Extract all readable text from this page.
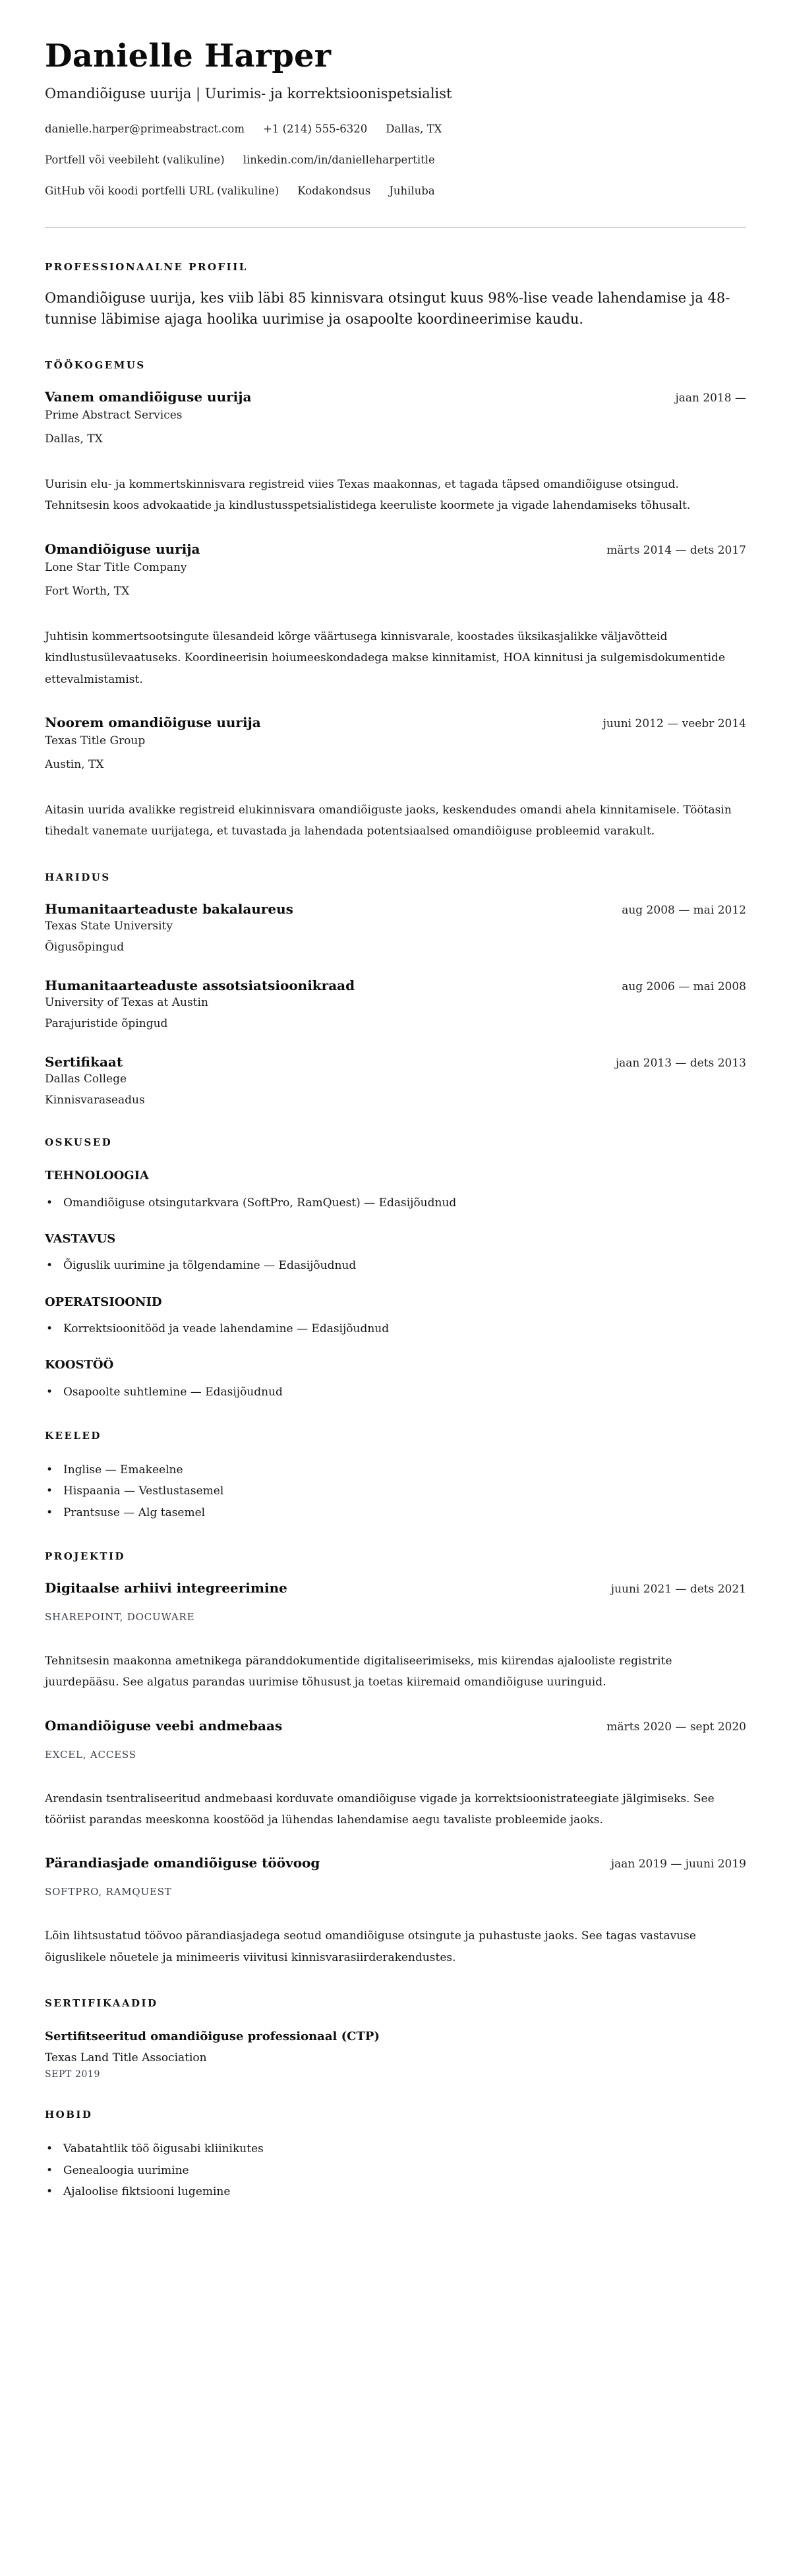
Danielle Harper
Omandiõiguse uurija | Uurimis- ja korrektsioonispetsialist
danielle.harper@primeabstract.com +1 (214) 555-6320 Dallas, TX
Portfell või veebileht (valikuline) linkedin.com/in/danielleharpertitle
GitHub või koodi portfelli URL (valikuline) Kodakondsus Juhiluba
PROFESSIONAALNE PROFIIL

Omandiõiguse uurija, kes viib läbi 85 kinnisvara otsingut kuus 98%-lise veade lahendamise ja 48-tunnise läbimise ajaga hoolika uurimise ja osapoolte koordineerimise kaudu.

TÖÖKOGEMUS
Vanem omandiõiguse uurija	jaan 2018 —
Prime Abstract Services
Dallas, TX

Uurisin elu- ja kommertskinnisvara registreid viies Texas maakonnas, et tagada täpsed omandiõiguse otsingud. Tehnitsesin koos advokaatide ja kindlustusspetsialistidega keeruliste koormete ja vigade lahendamiseks tõhusalt.

Omandiõiguse uurija	märts 2014 — dets 2017
Lone Star Title Company
Fort Worth, TX

Juhtisin kommertsootsingute ülesandeid kõrge väärtusega kinnisvarale, koostades üksikasjalikke väljavõtteid kindlustusülevaatuseks. Koordineerisin hoiumeeskondadega makse kinnitamist, HOA kinnitusi ja sulgemisdokumentide ettevalmistamist.

Noorem omandiõiguse uurija	juuni 2012 — veebr 2014
Texas Title Group
Austin, TX

Aitasin uurida avalikke registreid elukinnisvara omandiõiguste jaoks, keskendudes omandi ahela kinnitamisele. Töötasin tihedalt vanemate uurijatega, et tuvastada ja lahendada potentsiaalsed omandiõiguse probleemid varakult.

HARIDUS
Humanitaarteaduste bakalaureus	aug 2008 — mai 2012
Texas State University
Õigusõpingud
Humanitaarteaduste assotsiatsioonikraad	aug 2006 — mai 2008
University of Texas at Austin
Parajuristide õpingud
Sertifikaat	jaan 2013 — dets 2013
Dallas College
Kinnisvaraseadus
OSKUSED
TEHNOLOOGIA
• Omandiõiguse otsingutarkvara (SoftPro, RamQuest) — Edasijõudnud
VASTAVUS
• Õiguslik uurimine ja tõlgendamine — Edasijõudnud
OPERATSIOONID
• Korrektsioonitööd ja veade lahendamine — Edasijõudnud
KOOSTÖÖ
• Osapoolte suhtlemine — Edasijõudnud
KEELED
• Inglise — Emakeelne
• Hispaania — Vestlustasemel
• Prantsuse — Alg tasemel
PROJEKTID
Digitaalse arhiivi integreerimine	juuni 2021 — dets 2021
SHAREPOINT, DOCUWARE

Tehnitsesin maakonna ametnikega päranddokumentide digitaliseerimiseks, mis kiirendas ajalooliste registrite juurdepääsu. See algatus parandas uurimise tõhusust ja toetas kiiremaid omandiõiguse uuringuid.

Omandiõiguse veebi andmebaas	märts 2020 — sept 2020
EXCEL, ACCESS

Arendasin tsentraliseeritud andmebaasi korduvate omandiõiguse vigade ja korrektsioonistrateegiate jälgimiseks. See tööriist parandas meeskonna koostööd ja lühendas lahendamise aegu tavaliste probleemide jaoks.

Pärandiasjade omandiõiguse töövoog	jaan 2019 — juuni 2019
SOFTPRO, RAMQUEST

Lõin lihtsustatud töövoo pärandiasjadega seotud omandiõiguse otsingute ja puhastuste jaoks. See tagas vastavuse õiguslikele nõuetele ja minimeeris viivitusi kinnisvarasiirderakendustes.

SERTIFIKAADID
Sertifitseeritud omandiõiguse professionaal (CTP)
Texas Land Title Association
SEPT 2019
HOBID
• Vabatahtlik töö õigusabi kliinikutes
• Genealoogia uurimine
• Ajaloolise fiktsiooni lugemine
